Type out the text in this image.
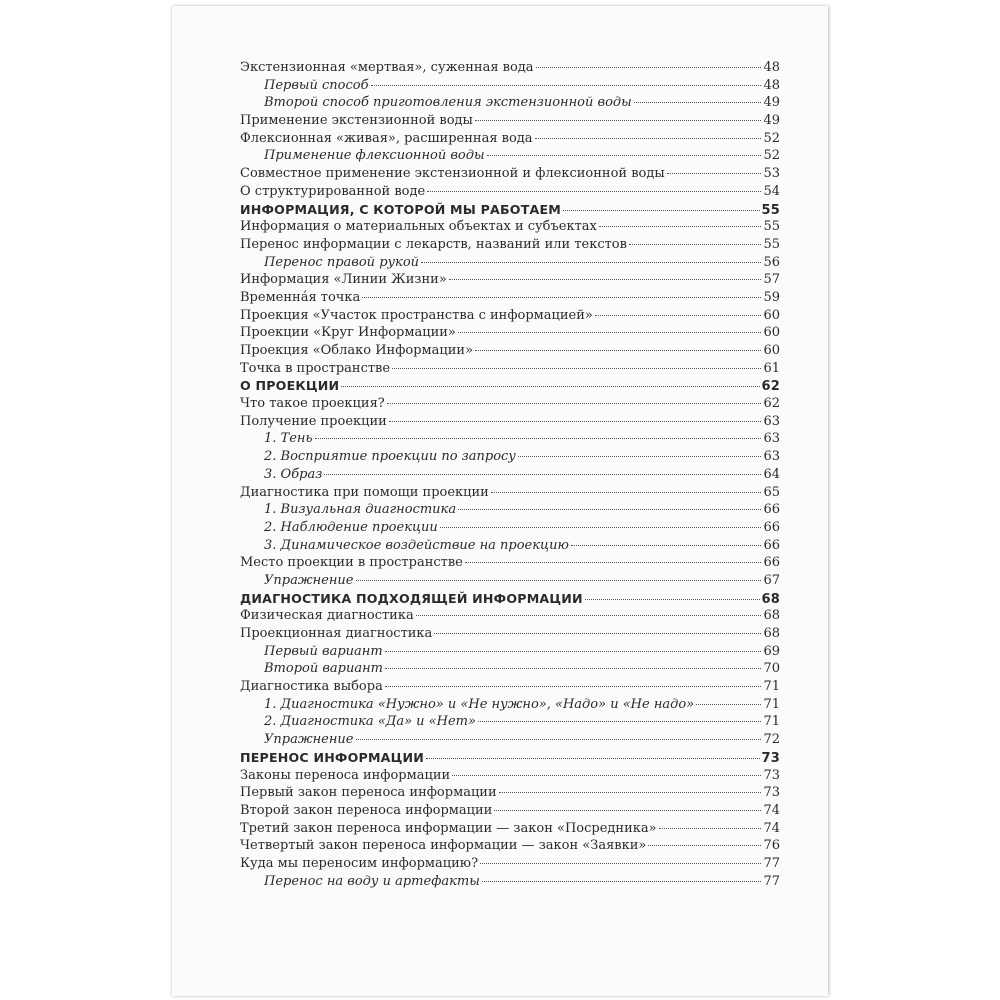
Экстензионная «мертвая», суженная вода	48
Первый способ	48
Второй способ приготовления экстензионной воды	49
Применение экстензионной воды	49
Флексионная «живая», расширенная вода	52
Применение флексионной воды	52
Совместное применение экстензионной и флексионной воды	53
О структурированной воде	54
ИНФОРМАЦИЯ, С КОТОРОЙ МЫ РАБОТАЕМ	55
Информация о материальных объектах и субъектах	55
Перенос информации с лекарств, названий или текстов	55
Перенос правой рукой	56
Информация «Линии Жизни»	57
Временна́я точка	59
Проекция «Участок пространства с информацией»	60
Проекции «Круг Информации»	60
Проекция «Облако Информации»	60
Точка в пространстве	61
О ПРОЕКЦИИ	62
Что такое проекция?	62
Получение проекции	63
1. Тень	63
2. Восприятие проекции по запросу	63
3. Образ	64
Диагностика при помощи проекции	65
1. Визуальная диагностика	66
2. Наблюдение проекции	66
3. Динамическое воздействие на проекцию	66
Место проекции в пространстве	66
Упражнение	67
ДИАГНОСТИКА ПОДХОДЯЩЕЙ ИНФОРМАЦИИ	68
Физическая диагностика	68
Проекционная диагностика	68
Первый вариант	69
Второй вариант	70
Диагностика выбора	71
1. Диагностика «Нужно» и «Не нужно», «Надо» и «Не надо»	71
2. Диагностика «Да» и «Нет»	71
Упражнение	72
ПЕРЕНОС ИНФОРМАЦИИ	73
Законы переноса информации	73
Первый закон переноса информации	73
Второй закон переноса информации	74
Третий закон переноса информации — закон «Посредника»	74
Четвертый закон переноса информации — закон «Заявки»	76
Куда мы переносим информацию?	77
Перенос на воду и артефакты	77
